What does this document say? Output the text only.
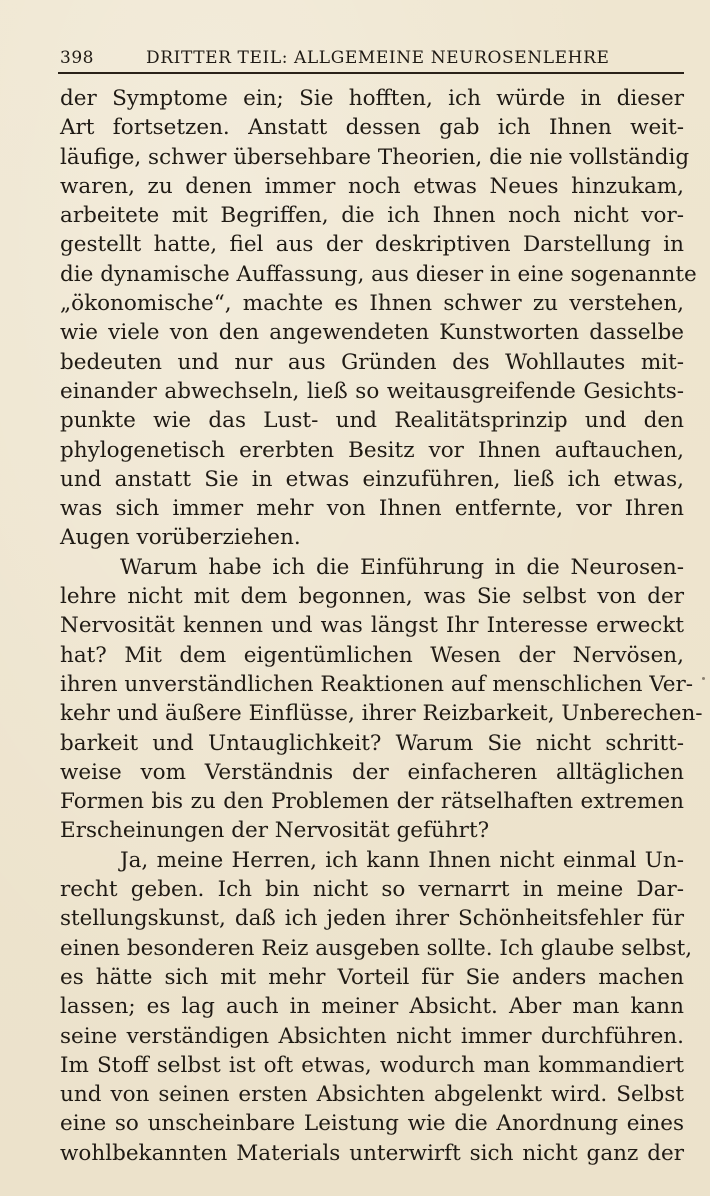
398	DRITTER TEIL: ALLGEMEINE NEUROSENLEHRE
der Symptome ein; Sie hofften, ich würde in dieser
Art fortsetzen. Anstatt dessen gab ich Ihnen weit-
läufige, schwer übersehbare Theorien, die nie vollständig
waren, zu denen immer noch etwas Neues hinzukam,
arbeitete mit Begriffen, die ich Ihnen noch nicht vor-
gestellt hatte, fiel aus der deskriptiven Darstellung in
die dynamische Auffassung, aus dieser in eine sogenannte
„ökonomische“, machte es Ihnen schwer zu verstehen,
wie viele von den angewendeten Kunstworten dasselbe
bedeuten und nur aus Gründen des Wohllautes mit-
einander abwechseln, ließ so weitausgreifende Gesichts-
punkte wie das Lust- und Realitätsprinzip und den
phylogenetisch ererbten Besitz vor Ihnen auftauchen,
und anstatt Sie in etwas einzuführen, ließ ich etwas,
was sich immer mehr von Ihnen entfernte, vor Ihren
Augen vorüberziehen.
Warum habe ich die Einführung in die Neurosen-
lehre nicht mit dem begonnen, was Sie selbst von der
Nervosität kennen und was längst Ihr Interesse erweckt
hat? Mit dem eigentümlichen Wesen der Nervösen,
ihren unverständlichen Reaktionen auf menschlichen Ver-
kehr und äußere Einflüsse, ihrer Reizbarkeit, Unberechen-
barkeit und Untauglichkeit? Warum Sie nicht schritt-
weise vom Verständnis der einfacheren alltäglichen
Formen bis zu den Problemen der rätselhaften extremen
Erscheinungen der Nervosität geführt?
Ja, meine Herren, ich kann Ihnen nicht einmal Un-
recht geben. Ich bin nicht so vernarrt in meine Dar-
stellungskunst, daß ich jeden ihrer Schönheitsfehler für
einen besonderen Reiz ausgeben sollte. Ich glaube selbst,
es hätte sich mit mehr Vorteil für Sie anders machen
lassen; es lag auch in meiner Absicht. Aber man kann
seine verständigen Absichten nicht immer durchführen.
Im Stoff selbst ist oft etwas, wodurch man kommandiert
und von seinen ersten Absichten abgelenkt wird. Selbst
eine so unscheinbare Leistung wie die Anordnung eines
wohlbekannten Materials unterwirft sich nicht ganz der
